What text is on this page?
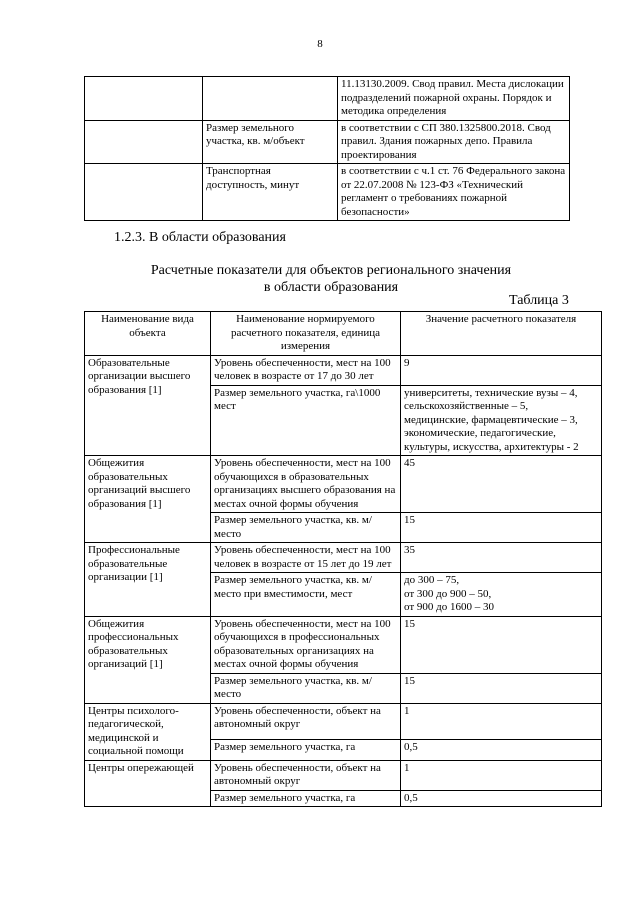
8
		11.13130.2009. Свод правил. Места дислокации подразделений пожарной охраны. Порядок и методика определения
	Размер земельного участка, кв. м/объект	в соответствии с СП 380.1325800.2018. Свод правил. Здания пожарных депо. Правила проектирования
	Транспортная доступность, минут	в соответствии с ч.1 ст. 76 Федерального закона от 22.07.2008 № 123-ФЗ «Технический регламент о требованиях пожарной безопасности»
1.2.3. В области образования
Расчетные показатели для объектов регионального значения
в области образования
Таблица 3
Наименование вида объекта	Наименование нормируемого расчетного показателя, единица измерения	Значение расчетного показателя
Образовательные организации высшего образования [1]	Уровень обеспеченности, мест на 100 человек в возрасте от 17 до 30 лет	9
	Размер земельного участка, га\1000 мест	университеты, технические вузы – 4,
сельскохозяйственные – 5,
медицинские, фармацевтические – 3,
экономические, педагогические,
культуры, искусства, архитектуры - 2
Общежития образовательных организаций высшего образования [1]	Уровень обеспеченности, мест на 100 обучающихся в образовательных организациях высшего образования на местах очной формы обучения	45
	Размер земельного участка, кв. м/место	15
Профессиональные образовательные организации [1]	Уровень обеспеченности, мест на 100 человек в возрасте от 15 лет до 19 лет	35
	Размер земельного участка, кв. м/место при вместимости, мест	до 300 – 75,
от 300 до 900 – 50,
от 900 до 1600 – 30
Общежития профессиональных образовательных организаций [1]	Уровень обеспеченности, мест на 100 обучающихся в профессиональных образовательных организациях на местах очной формы обучения	15
	Размер земельного участка, кв. м/место	15
Центры психолого-педагогической, медицинской и социальной помощи	Уровень обеспеченности, объект на автономный округ	1
	Размер земельного участка, га	0,5
Центры опережающей	Уровень обеспеченности, объект на автономный округ	1
	Размер земельного участка, га	0,5
